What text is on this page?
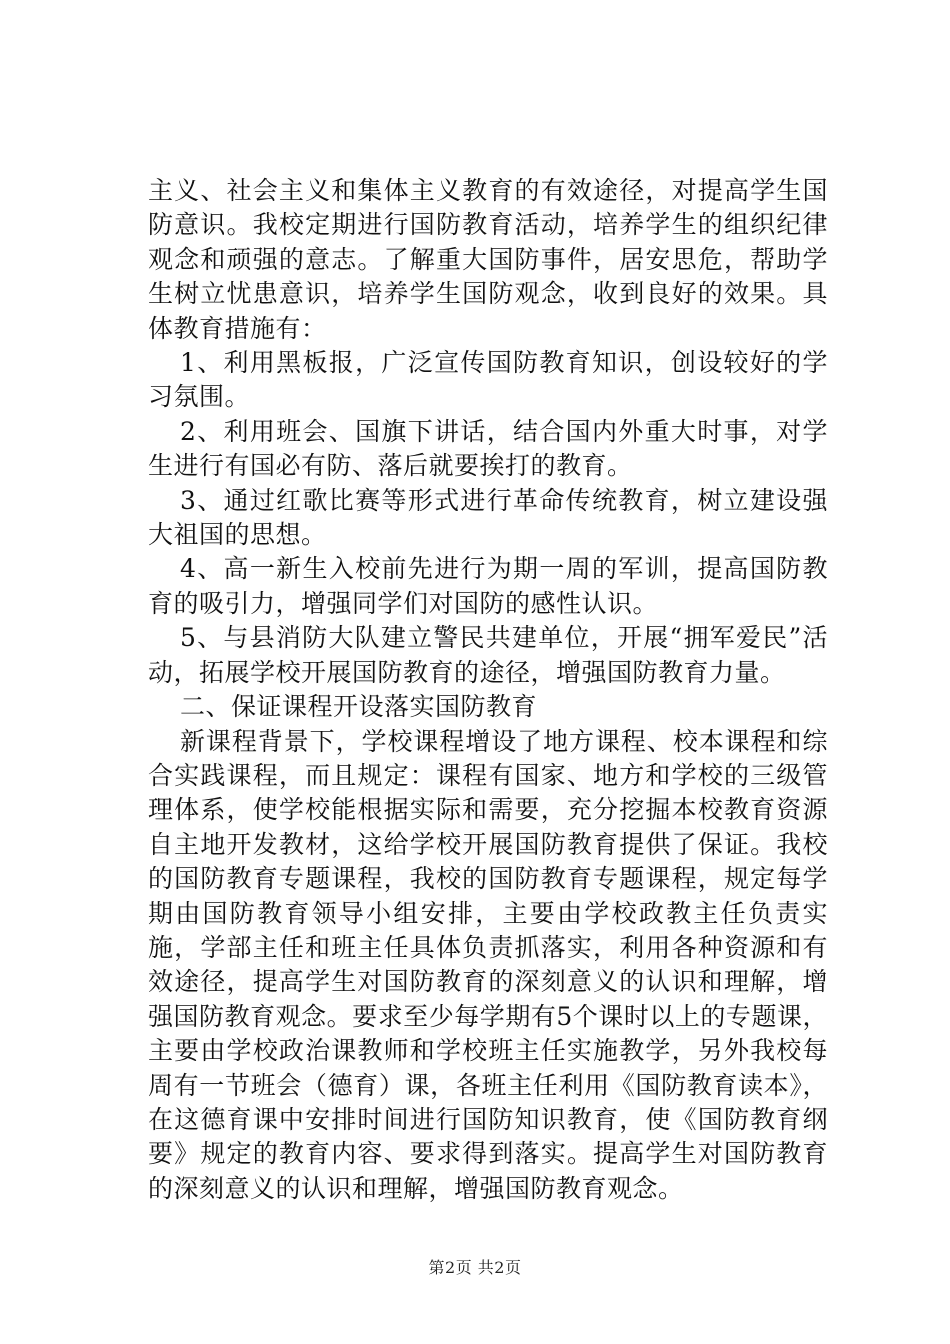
主义、社会主义和集体主义教育的有效途径，对提高学生国防意识。我校定期进行国防教育活动，培养学生的组织纪律观念和顽强的意志。了解重大国防事件，居安思危，帮助学生树立忧患意识，培养学生国防观念，收到良好的效果。具体教育措施有：

1、利用黑板报，广泛宣传国防教育知识，创设较好的学习氛围。

2、利用班会、国旗下讲话，结合国内外重大时事，对学生进行有国必有防、落后就要挨打的教育。

3、通过红歌比赛等形式进行革命传统教育，树立建设强大祖国的思想。

4、高一新生入校前先进行为期一周的军训，提高国防教育的吸引力，增强同学们对国防的感性认识。

5、与县消防大队建立警民共建单位，开展“拥军爱民”活动，拓展学校开展国防教育的途径，增强国防教育力量。

二、保证课程开设落实国防教育

新课程背景下，学校课程增设了地方课程、校本课程和综合实践课程，而且规定：课程有国家、地方和学校的三级管理体系，使学校能根据实际和需要，充分挖掘本校教育资源自主地开发教材，这给学校开展国防教育提供了保证。我校的国防教育专题课程，我校的国防教育专题课程，规定每学期由国防教育领导小组安排，主要由学校政教主任负责实施，学部主任和班主任具体负责抓落实，利用各种资源和有效途径，提高学生对国防教育的深刻意义的认识和理解，增强国防教育观念。要求至少每学期有5个课时以上的专题课，主要由学校政治课教师和学校班主任实施教学，另外我校每周有一节班会（德育）课，各班主任利用《国防教育读本》，在这德育课中安排时间进行国防知识教育，使《国防教育纲要》规定的教育内容、要求得到落实。提高学生对国防教育的深刻意义的认识和理解，增强国防教育观念。

第2页 共2页
